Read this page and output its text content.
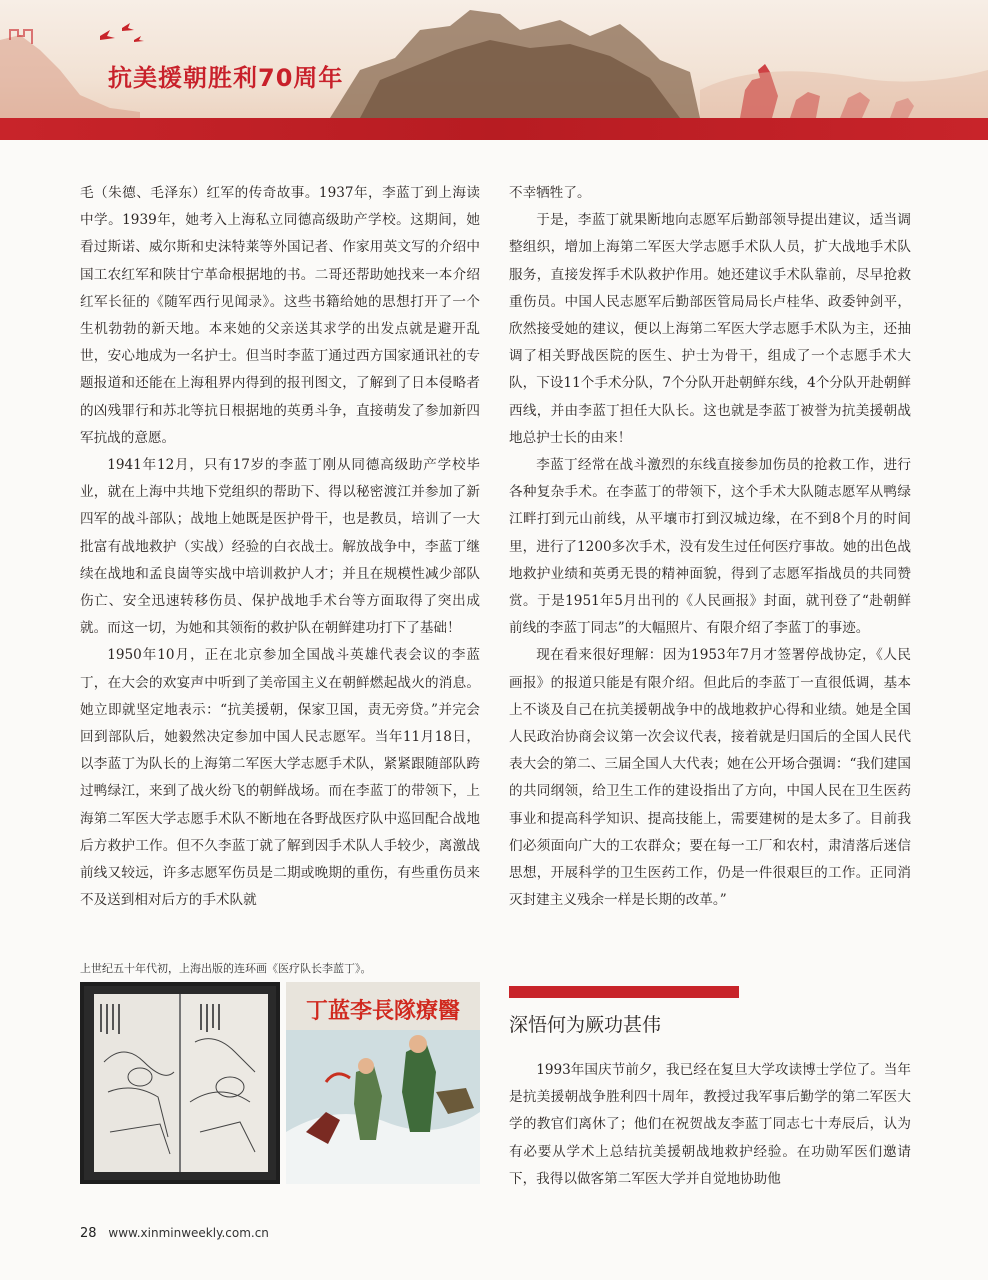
抗美援朝胜利70周年

毛（朱德、毛泽东）红军的传奇故事。1937年，李蓝丁到上海读中学。1939年，她考入上海私立同德高级助产学校。这期间，她看过斯诺、威尔斯和史沫特莱等外国记者、作家用英文写的介绍中国工农红军和陕甘宁革命根据地的书。二哥还帮助她找来一本介绍红军长征的《随军西行见闻录》。这些书籍给她的思想打开了一个生机勃勃的新天地。本来她的父亲送其求学的出发点就是避开乱世，安心地成为一名护士。但当时李蓝丁通过西方国家通讯社的专题报道和还能在上海租界内得到的报刊图文，了解到了日本侵略者的凶残罪行和苏北等抗日根据地的英勇斗争，直接萌发了参加新四军抗战的意愿。

1941年12月，只有17岁的李蓝丁刚从同德高级助产学校毕业，就在上海中共地下党组织的帮助下、得以秘密渡江并参加了新四军的战斗部队；战地上她既是医护骨干，也是教员，培训了一大批富有战地救护（实战）经验的白衣战士。解放战争中，李蓝丁继续在战地和孟良崮等实战中培训救护人才；并且在规模性减少部队伤亡、安全迅速转移伤员、保护战地手术台等方面取得了突出成就。而这一切，为她和其领衔的救护队在朝鲜建功打下了基础！

1950年10月，正在北京参加全国战斗英雄代表会议的李蓝丁，在大会的欢宴声中听到了美帝国主义在朝鲜燃起战火的消息。她立即就坚定地表示：“抗美援朝，保家卫国，责无旁贷。”并完会回到部队后，她毅然决定参加中国人民志愿军。当年11月18日，以李蓝丁为队长的上海第二军医大学志愿手术队，紧紧跟随部队跨过鸭绿江，来到了战火纷飞的朝鲜战场。而在李蓝丁的带领下，上海第二军医大学志愿手术队不断地在各野战医疗队中巡回配合战地后方救护工作。但不久李蓝丁就了解到因手术队人手较少，离激战前线又较远，许多志愿军伤员是二期或晚期的重伤，有些重伤员来不及送到相对后方的手术队就

不幸牺牲了。

于是，李蓝丁就果断地向志愿军后勤部领导提出建议，适当调整组织，增加上海第二军医大学志愿手术队人员，扩大战地手术队服务，直接发挥手术队救护作用。她还建议手术队靠前，尽早抢救重伤员。中国人民志愿军后勤部医管局局长卢桂华、政委钟剑平，欣然接受她的建议，便以上海第二军医大学志愿手术队为主，还抽调了相关野战医院的医生、护士为骨干，组成了一个志愿手术大队，下设11个手术分队，7个分队开赴朝鲜东线，4个分队开赴朝鲜西线，并由李蓝丁担任大队长。这也就是李蓝丁被誉为抗美援朝战地总护士长的由来！

李蓝丁经常在战斗激烈的东线直接参加伤员的抢救工作，进行各种复杂手术。在李蓝丁的带领下，这个手术大队随志愿军从鸭绿江畔打到元山前线，从平壤市打到汉城边缘，在不到8个月的时间里，进行了1200多次手术，没有发生过任何医疗事故。她的出色战地救护业绩和英勇无畏的精神面貌，得到了志愿军指战员的共同赞赏。于是1951年5月出刊的《人民画报》封面，就刊登了“赴朝鲜前线的李蓝丁同志”的大幅照片、有限介绍了李蓝丁的事迹。

现在看来很好理解：因为1953年7月才签署停战协定，《人民画报》的报道只能是有限介绍。但此后的李蓝丁一直很低调，基本上不谈及自己在抗美援朝战争中的战地救护心得和业绩。她是全国人民政治协商会议第一次会议代表，接着就是归国后的全国人民代表大会的第二、三届全国人大代表；她在公开场合强调：“我们建国的共同纲领，给卫生工作的建设指出了方向，中国人民在卫生医药事业和提高科学知识、提高技能上，需要建树的是太多了。目前我们必须面向广大的工农群众；要在每一工厂和农村，肃清落后迷信思想，开展科学的卫生医药工作，仍是一件很艰巨的工作。正同消灭封建主义残余一样是长期的改革。”

上世纪五十年代初，上海出版的连环画《医疗队长李蓝丁》。
丁蓝李長隊療醫
深悟何为厥功甚伟

1993年国庆节前夕，我已经在复旦大学攻读博士学位了。当年是抗美援朝战争胜利四十周年，教授过我军事后勤学的第二军医大学的教官们离休了；他们在祝贺战友李蓝丁同志七十寿辰后，认为有必要从学术上总结抗美援朝战地救护经验。在功勋军医们邀请下，我得以做客第二军医大学并自觉地协助他

28 www.xinminweekly.com.cn
